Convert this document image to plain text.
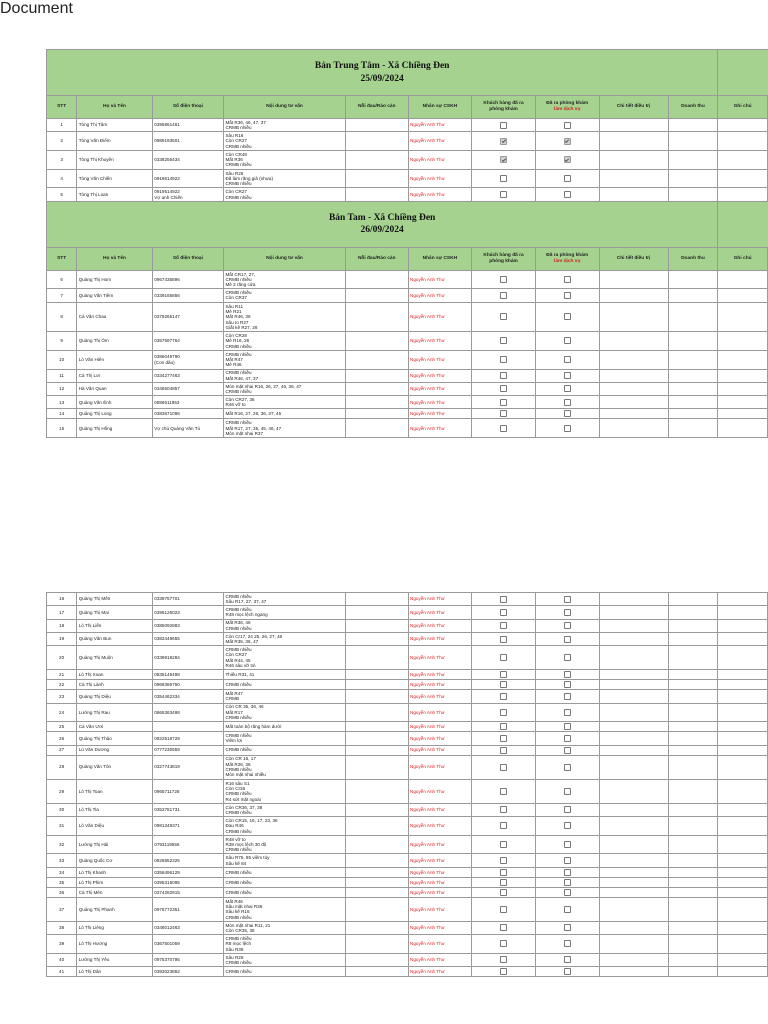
Document
Bản Trung Tâm - Xã Chiềng Đen
25/09/2024										

STT	Họ và Tên	Số điện thoại	Nội dung tư vấn	Nỗi đau/Rào cản	Nhân sự CSKH	Khách hàng đã ra
phòng khám	Đã ra phòng khám
làm dịch vụ	Chi tiết điều trị	Doanh thu	Ghi chú
1	Tòng Thị Tâm	0395861461	Mất R36, 46, 47, 37
CRMB nhiều		Nguyễn Anh Thư					
2	Tòng Văn Điểm	0989193501	Sâu R16
Còn CR27
CRMB nhiều		Nguyễn Anh Thư					
3	Tòng Thị Khuyên	0338255434	Còn CR48
Mất R36
CRMB nhiều		Nguyễn Anh Thư					
4	Tòng Văn Chiến	0919514922	Sâu R26
Đã làm răng giả (nhựa)
CRMB nhiều		Nguyễn Anh Thư					
5	Tòng Thị Loan	0919514922
Vợ anh Chiến	Còn CR27
CRMB nhiều		Nguyễn Anh Thư					

Bản Tam - Xã Chiềng Đen
26/09/2024										

STT	Họ và Tên	Số điện thoại	Nội dung tư vấn	Nỗi đau/Rào cản	Nhân sự CSKH	Khách hàng đã ra
phòng khám	Đã ra phòng khám
làm dịch vụ	Chi tiết điều trị	Doanh thu	Ghi chú
6	Quàng Thị Hom	0967435896	Mất CR17, 27,
CRMB nhiều
Mẻ 2 răng cửa		Nguyễn Anh Thư					
7	Quàng Văn Tiêm	0339165856	CRMB nhiều
Còn CR37		Nguyễn Anh Thư					
8	Cà Văn Chau	0379265147	Sâu R11
Mẻ R21
Mất R46, 36
Sâu to R27
Giắt kẽ R27, 28		Nguyễn Anh Thư					
9	Quàng Thị Ôm	0357597764	Còn CR28
Mẻ R16, 26
CRMB nhiều		Nguyễn Anh Thư					
10	Lò Văn Hiên	0386049790
(Con dâu)	CRMB nhiều
Mất R47
Mẻ R46		Nguyễn Anh Thư					
11	Cà Thị Lơi	0334277463	CRMB nhiều
Mất R46, 47, 37		Nguyễn Anh Thư					
12	Hà Văn Quan	0346504857	Mòn mặt nhai R16, 26, 27, 46, 36, 47
CRMB nhiều		Nguyễn Anh Thư					
13	Quàng Văn Ênh	0886511953	Còn CR27, 36
R46 vỡ to		Nguyễn Anh Thư					
14	Quàng Thị Long	0383671096	Mất R16, 27, 26, 36, 37, 45		Nguyễn Anh Thư					
15	Quàng Thị Hồng	Vợ chú Quàng Văn Tú	CRMB nhiều
Mất R17, 27, 35, 45, 46, 47
Mòn mặt nhai R37		Nguyễn Anh Thư					
16	Quàng Thị Mến	0339757701	CRMB nhiều
Sâu R17, 27, 37, 47		Nguyễn Anh Thư					
17	Quàng Thị Mai	0396125023	CRMB nhiều
R48 mọc lệch ngang		Nguyễn Anh Thư					
18	Lò Thị Liến	0385092883	Mất R36, 46
CRMB nhiều		Nguyễn Anh Thư					
19	Quàng Văn Bun	0383448655	Còn Cr17, 24 25, 26, 27, 46
Mất R35, 36, 47		Nguyễn Anh Thư					
20	Quàng Thị Muôn	0339918284	CRMB nhiều
Còn CR27
Mất R44, 45
R46 sâu vỡ to\		Nguyễn Anh Thư					
21	Lò Thị Xoan	0835148498	Thiếu R31, 41		Nguyễn Anh Thư					
22	Cà Thị Lành	0968386750	CRMB nhiều		Nguyễn Anh Thư					
23	Quàng Thị Diệu	0354462334	Mất R47
CRMB		Nguyễn Anh Thư					
24	Lường Thị Rau	0865363498	Còn CR 35, 36, 46
Mất R17
CRMB nhiều		Nguyễn Anh Thư					
25	Cà Văn Ươi		Mất toàn bộ răng hàm dưới		Nguyễn Anh Thư					
26	Quàng Thị Thảo	0822518729	CRMB nhiều
Viêm lợi		Nguyễn Anh Thư					
27	Lù Văn Dương	0777230559	CRMB nhiều		Nguyễn Anh Thư					
28	Quàng Văn Tôn	0327743819	Còn CR 16, 17
Mất R26, 36
CRMB nhiều
Mòn mặt nhai nhiều		Nguyễn Anh Thư					
29	Lò Thị Toan	0965711728	R16 sâu S1
Còn Cr36
CRMB nhiều
R4 sứt mặt ngoài		Nguyễn Anh Thư					
30	Lò Thị Tia	0353781731	Còn CR36, 37, 38
CRMB nhiều		Nguyễn Anh Thư					
31	Lò Văn Diệu	0981349371	Còn CR15, 16, 17, 23, 36
Đau R46
CRMB nhiều		Nguyễn Anh Thư					
32	Lường Thị Hải	0793119556	R48 vỡ to
R38 mọc lệch 30 độ
CRMB nhiều		Nguyễn Anh Thư					
33	Quàng Quốc Cơ	0828852325	Sâu R75, 85 viêm tủy
Sâu kẽ 84		Nguyễn Anh Thư					
34	Lò Thị Khanh	0356496129	CRMB nhiều		Nguyễn Anh Thư					
35	Lò Thị Phim	0395316095	CRMB nhiều		Nguyễn Anh Thư					
36	Cà Thị Mên	0374282915	CRMB nhiều		Nguyễn Anh Thư					
37	Quàng Thị Phanh	0976772351	Mất R46
Sâu mặt nhai R36
Sâu kẽ R16
CRMB nhiều		Nguyễn Anh Thư					
38	Lò Thị Liêng	0346012463	Mòn mặt nhai R11, 21
Còn CR35, 36		Nguyễn Anh Thư					
39	Lò Thị Hương	0367501059	CRMB nhiều
R8 mọc lệch
Sâu R38		Nguyễn Anh Thư					
40	Lường Thị Yêu	0975370795	Sâu R26
CRMB nhiều		Nguyễn Anh Thư					
41	Lò Thị Dân	0393023862	CRMB nhiều		Nguyễn Anh Thư					
